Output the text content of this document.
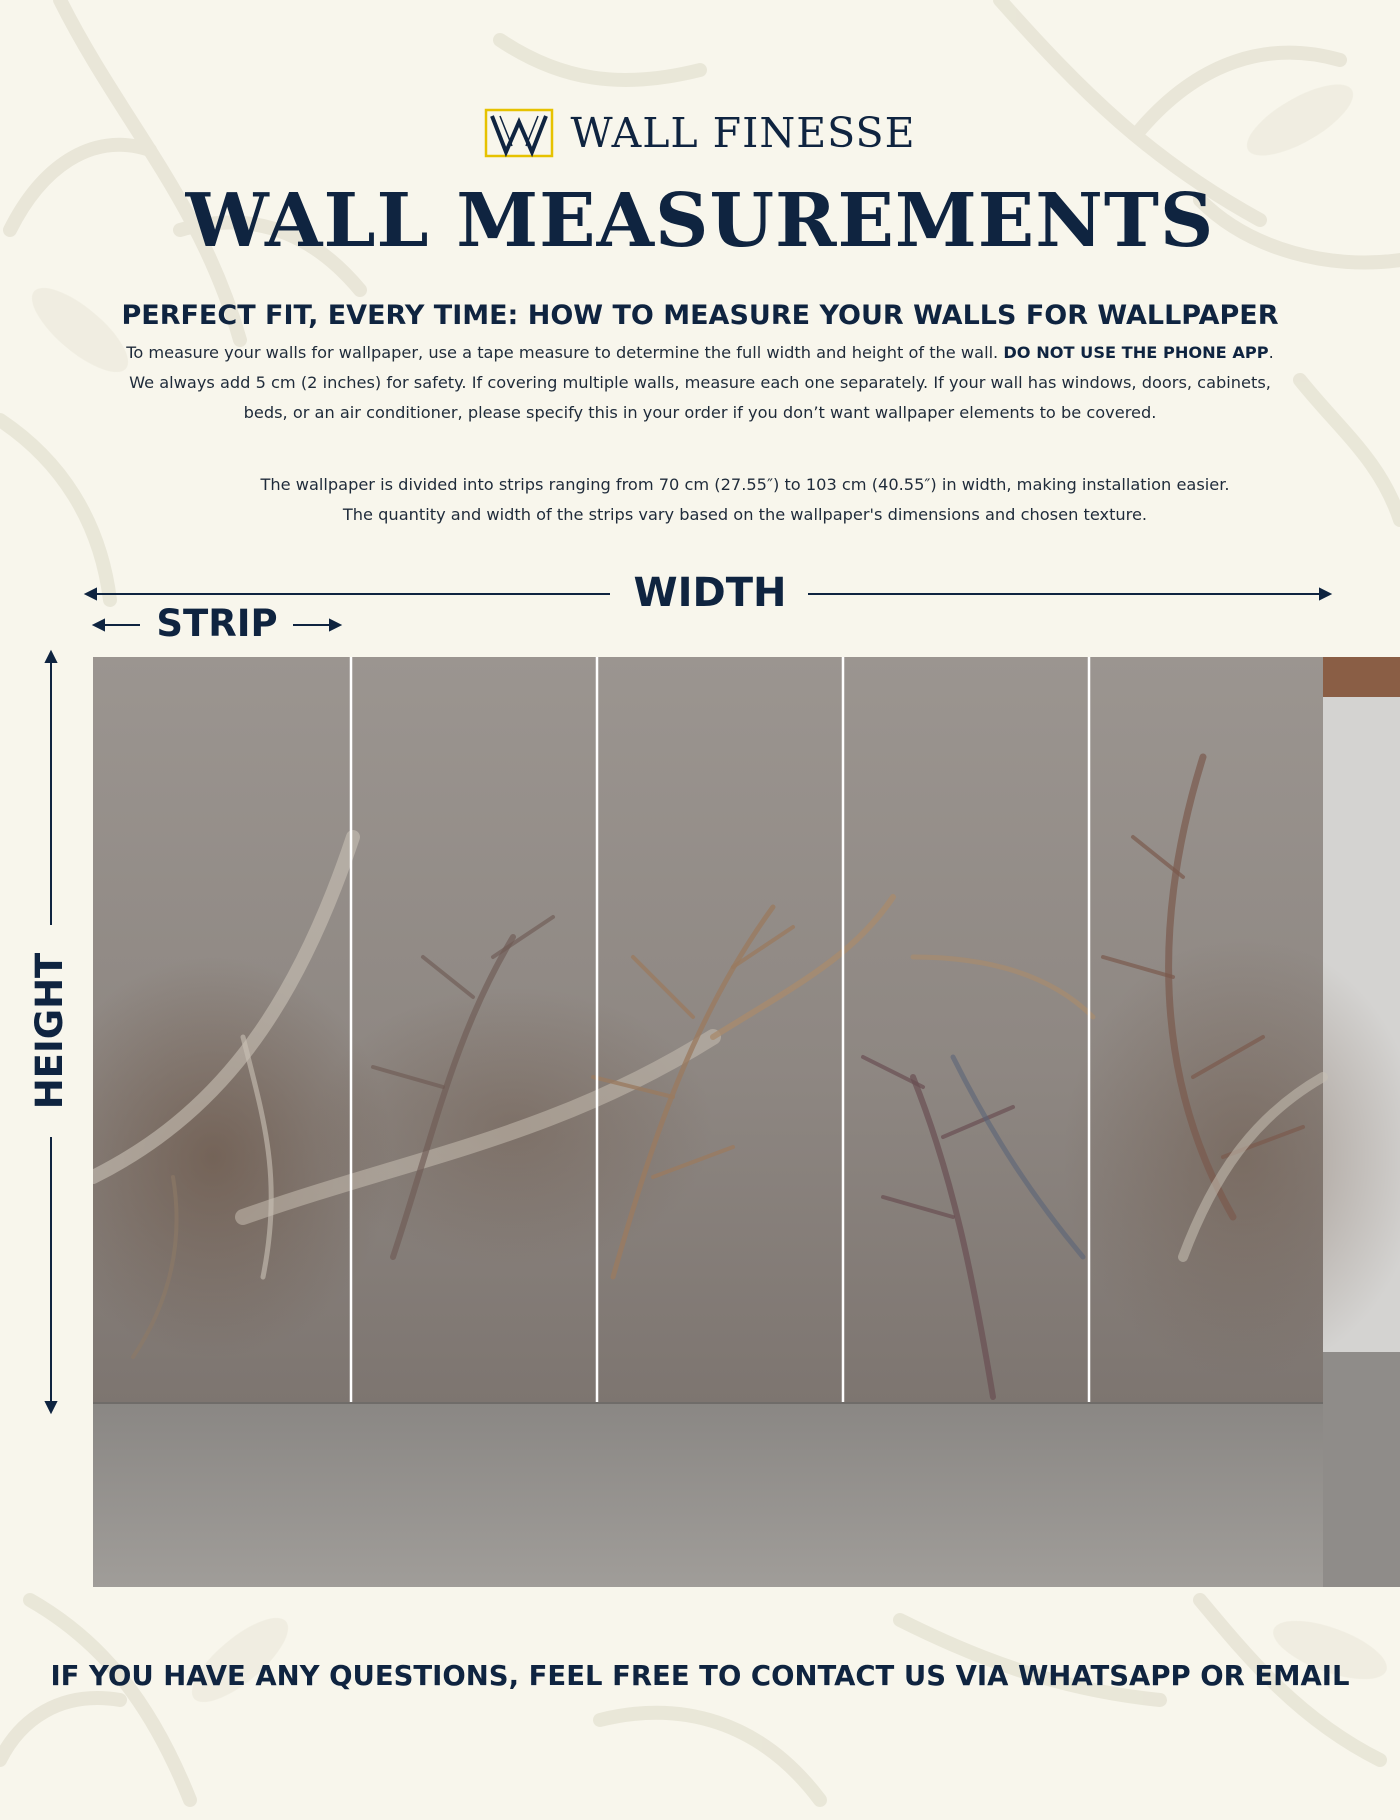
WALL FINESSE
WALL MEASUREMENTS
PERFECT FIT, EVERY TIME: HOW TO MEASURE YOUR WALLS FOR WALLPAPER

To measure your walls for wallpaper, use a tape measure to determine the full width and height of the wall. DO NOT USE THE PHONE APP.

We always add 5 cm (2 inches) for safety. If covering multiple walls, measure each one separately. If your wall has windows, doors, cabinets,

beds, or an air conditioner, please specify this in your order if you don’t want wallpaper elements to be covered.

The wallpaper is divided into strips ranging from 70 cm (27.55″) to 103 cm (40.55″) in width, making installation easier.

The quantity and width of the strips vary based on the wallpaper's dimensions and chosen texture.

WIDTH
STRIP
HEIGHT
IF YOU HAVE ANY QUESTIONS, FEEL FREE TO CONTACT US VIA WHATSAPP OR EMAIL
